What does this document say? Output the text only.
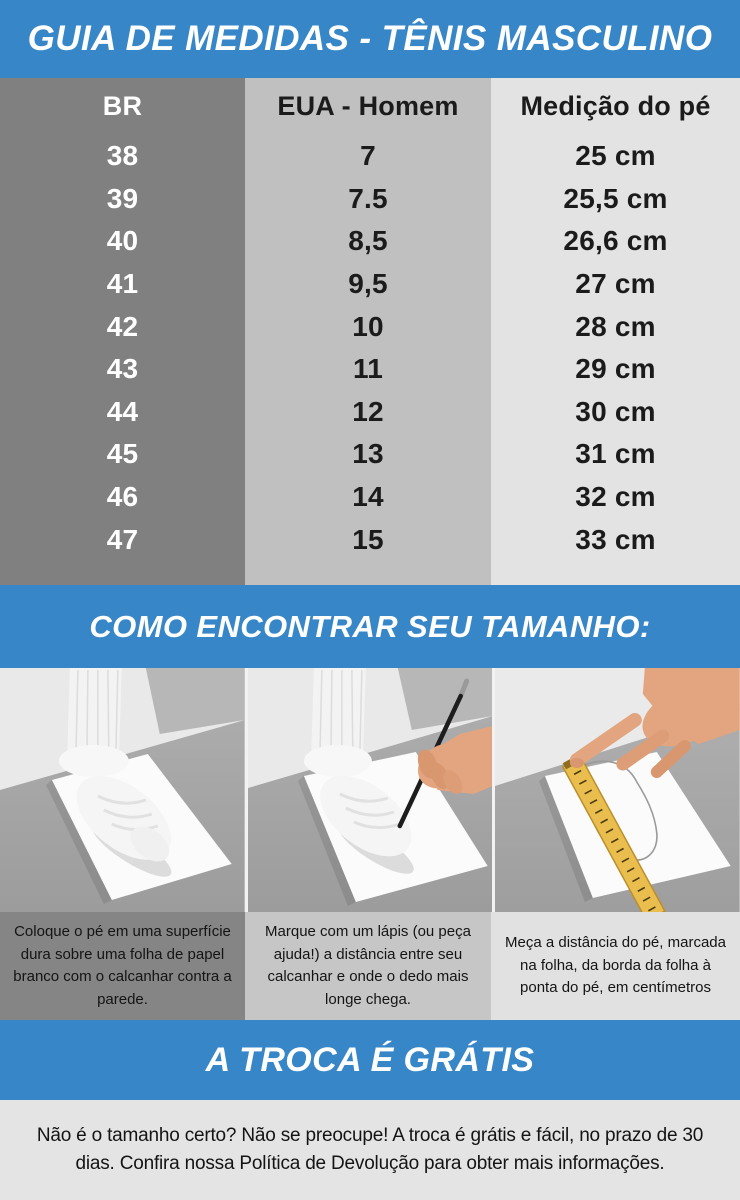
GUIA DE MEDIDAS - TÊNIS MASCULINO
BR
38
39
40
41
42
43
44
45
46
47
EUA - Homem
7
7.5
8,5
9,5
10
11
12
13
14
15
Medição do pé
25 cm
25,5 cm
26,6 cm
27 cm
28 cm
29 cm
30 cm
31 cm
32 cm
33 cm
COMO ENCONTRAR SEU TAMANHO:
Coloque o pé em uma superfície dura sobre uma folha de papel branco com o calcanhar contra a parede.
Marque com um lápis (ou peça ajuda!) a distância entre seu calcanhar e onde o dedo mais longe chega.
Meça a distância do pé, marcada na folha, da borda da folha à ponta do pé, em centímetros
A TROCA É GRÁTIS
Não é o tamanho certo? Não se preocupe! A troca é grátis e fácil, no prazo de 30 dias. Confira nossa Política de Devolução para obter mais informações.
